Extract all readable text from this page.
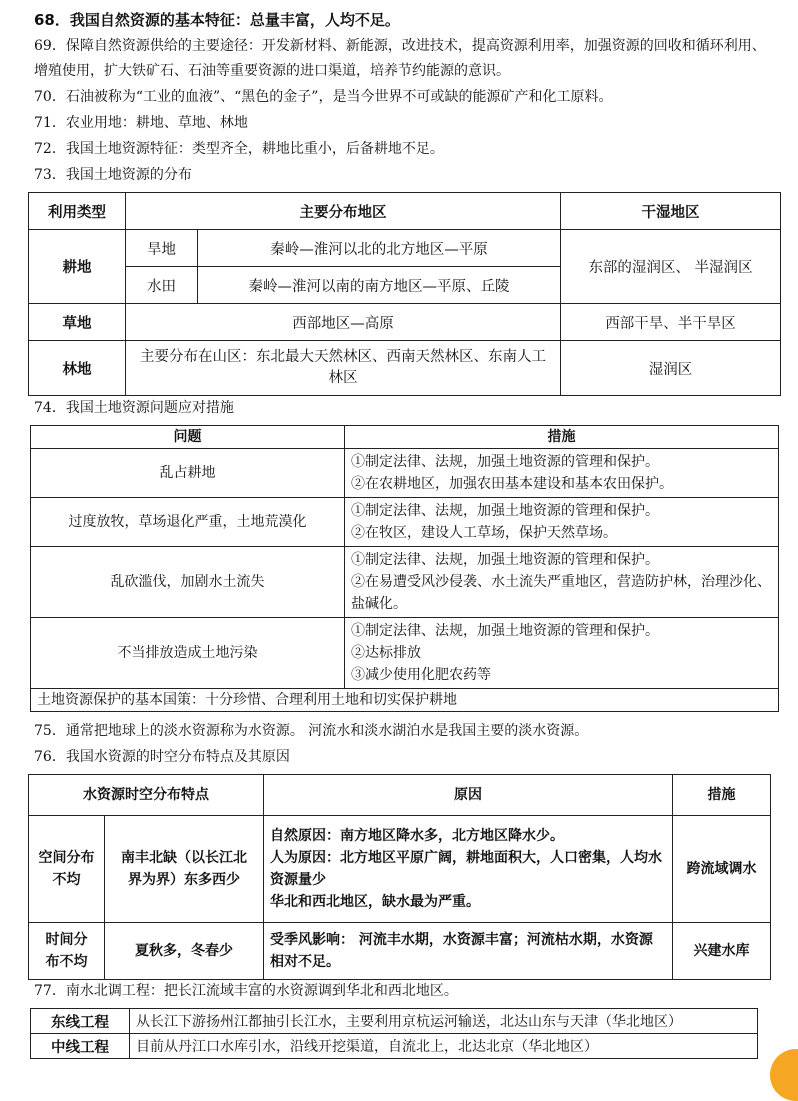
68．我国自然资源的基本特征：总量丰富，人均不足。
69．保障自然资源供给的主要途径：开发新材料、新能源，改进技术，提高资源利用率，加强资源的回收和循环利用、增殖使用，扩大铁矿石、石油等重要资源的进口渠道，培养节约能源的意识。
70．石油被称为“工业的血液”、“黑色的金子”，是当今世界不可或缺的能源矿产和化工原料。
71．农业用地：耕地、草地、林地
72．我国土地资源特征：类型齐全，耕地比重小，后备耕地不足。
73．我国土地资源的分布
利用类型	主要分布地区		干湿地区
耕地	旱地	秦岭—淮河以北的北方地区—平原	东部的湿润区、 半湿润区
	水田	秦岭—淮河以南的南方地区—平原、丘陵	
草地	西部地区—高原		西部干旱、半干旱区
林地	主要分布在山区：东北最大天然林区、西南天然林区、东南人工林区		湿润区
74．我国土地资源问题应对措施
问题	措施
乱占耕地	①制定法律、法规，加强土地资源的管理和保护。
②在农耕地区，加强农田基本建设和基本农田保护。

过度放牧，草场退化严重，土地荒漠化	①制定法律、法规，加强土地资源的管理和保护。
②在牧区，建设人工草场，保护天然草场。

乱砍滥伐，加剧水土流失	①制定法律、法规，加强土地资源的管理和保护。
②在易遭受风沙侵袭、水土流失严重地区，营造防护林，治理沙化、盐碱化。

不当排放造成土地污染	①制定法律、法规，加强土地资源的管理和保护。
②达标排放
③减少使用化肥农药等

土地资源保护的基本国策：十分珍惜、合理利用土地和切实保护耕地	
75．通常把地球上的淡水资源称为水资源。 河流水和淡水湖泊水是我国主要的淡水资源。
76．我国水资源的时空分布特点及其原因
水资源时空分布特点		原因	措施
空间分布不均	南丰北缺（以长江北界为界）东多西少	自然原因：南方地区降水多，北方地区降水少。
人为原因：北方地区平原广阔，耕地面积大，人口密集，人均水资源量少
华北和西北地区，缺水最为严重。	跨流域调水
时间分布不均	夏秋多，冬春少	受季风影响： 河流丰水期，水资源丰富；河流枯水期，水资源相对不足。	兴建水库
77．南水北调工程：把长江流域丰富的水资源调到华北和西北地区。
东线工程	从长江下游扬州江都抽引长江水，主要利用京杭运河输送，北达山东与天津（华北地区）
中线工程	目前从丹江口水库引水，沿线开挖渠道，自流北上，北达北京（华北地区）
